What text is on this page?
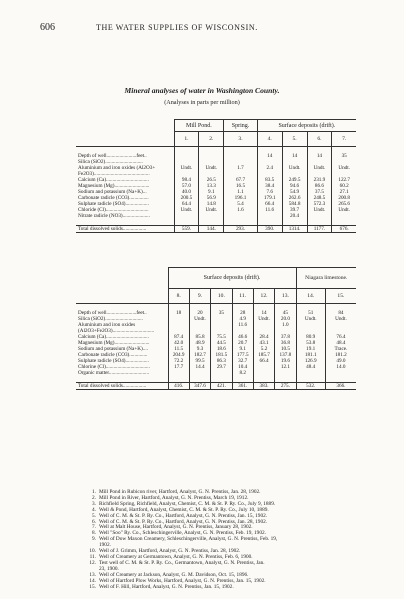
606	THE WATER SUPPLIES OF WISCONSIN.
Mineral analyses of water in Washington County.
(Analyses in parts per million)
	Mill Pond.		Spring.	Surface deposits (drift).			
	1.	2.	3.	4.	5.	6.	7.

Depth of well.......................feet..				14	14	14	35
Silica (SiO2).............................							
Aluminium and iron oxides (Al2O3+	Undt.	Undt.	1.7	2.4	Undt.	Undt.	Undt.
Fe2O3)...........................................							
Calcium (Ca).................................	98.4	26.5	67.7	83.5	249.5	231.9	122.7
Magnesium (Mg)...........................	57.0	13.3	16.5	38.4	94.6	86.6	60.2
Sodium and potassium (Na+K)...	40.0	9.1	1.1	7.6	54.9	37.5	27.1
Carbonate radicle (CO3)...............	200.5	56.9	196.1	179.1	262.6	248.5	200.8
Sulphate radicle (SO4)..................	64.4	14.8	5.4	66.4	584.8	572.3	265.6
Chloride (Cl).................................	Undt.	Undt.	1.6	11.6	39.7	Undt.	Undt.
Nitrate radicle (NO3).....................					20.4		

Total dissolved solids..................	559.	144.	293.	390.	1314.	1177.	676.
	Surface deposits (drift).						Niagara limestone.	
	8.	9.	10.	11.	12.	13.	14.	15.

Depth of well.......................feet..	18	20	35	28	14	45	51	84
Silica (SiO2).............................		Undt.		4.9	Undt.	20.0	Undt.	Undt.
Aluminium and iron oxides				11.6		1.0		
(Al2O3+Fe2O3)................................								
Calcium (Ca).................................	87.4	85.8	75.5	46.6	28.4	37.8	80.9	76.4
Magnesium (Mg)...........................	42.0	48.9	44.5	20.7	43.1	36.8	53.8	48.4
Sodium and potassium (Na+K)....	11.5	9.3	18.6	9.1	5.2	10.5	19.1	Trace.
Carbonate radicle (CO3)..............	204.9	182.7	181.5	177.5	185.7	137.8	181.1	181.2
Sulphate radicle (SO4)..................	72.2	99.5	86.3	32.7	66.4	19.6	126.9	49.0
Chlorine (Cl)..................................	17.7	14.4	29.7	10.4		12.1	48.4	14.0
Organic matter...............................				8.2				

Total dissolved solids..................	416.	347.6	421.	361.	383.	275.	532.	366.
1. Mill Pond in Rubicon river, Hartford, Analyst, G. N. Prentiss, Jan. 28, 1902.
2. Mill Pond in River, Hartford, Analyst, G. N. Prentiss, March 19, 1912.
3. Richfield Spring, Richfield, Analyst, Chemist, C. M. & St. P. Ry. Co., July 9, 1889.
4. Well & Pond, Hartford, Analyst, Chemist, C. M. & St. P. Ry. Co., July 10, 1889.
5. Well of C. M. & St. P. Ry. Co., Hartford, Analyst, G. N. Prentiss, Jan. 15, 1902.
6. Well of C. M. & St. P. Ry. Co., Hartford, Analyst, G. N. Prentiss, Jan. 28, 1902.
7. Well at Malt House, Hartford, Analyst, G. N. Prentiss, January 28, 1902.
8. Well "Soo" Ry. Co., Schleschingerville, Analyst, G. N. Prentiss, Feb. 19, 1902.
9. Well of Dow Maxon Creamery, Schleschingerville, Analyst, G. N. Prentiss, Feb. 19,
1902.
10. Well of J. Grimm, Hartford, Analyst, G. N. Prentiss, Jan. 28, 1902.
11. Well of Creamery at Germantown, Analyst, G. N. Prentiss, Feb. 6, 1900.
12. Test well of C. M. & St. P. Ry. Co., Germantown, Analyst, G. N. Prentiss, Jan.
23, 1900.
13. Well of Creamery at Jackson, Analyst, G. M. Davidson, Oct. 15, 1896.
14. Well of Hartford Plow Works, Hartford, Analyst, G. N. Prentiss, Jan. 15, 1902.
15. Well of F. Hill, Hartford, Analyst, G. N. Prentiss, Jan. 15, 1902.
